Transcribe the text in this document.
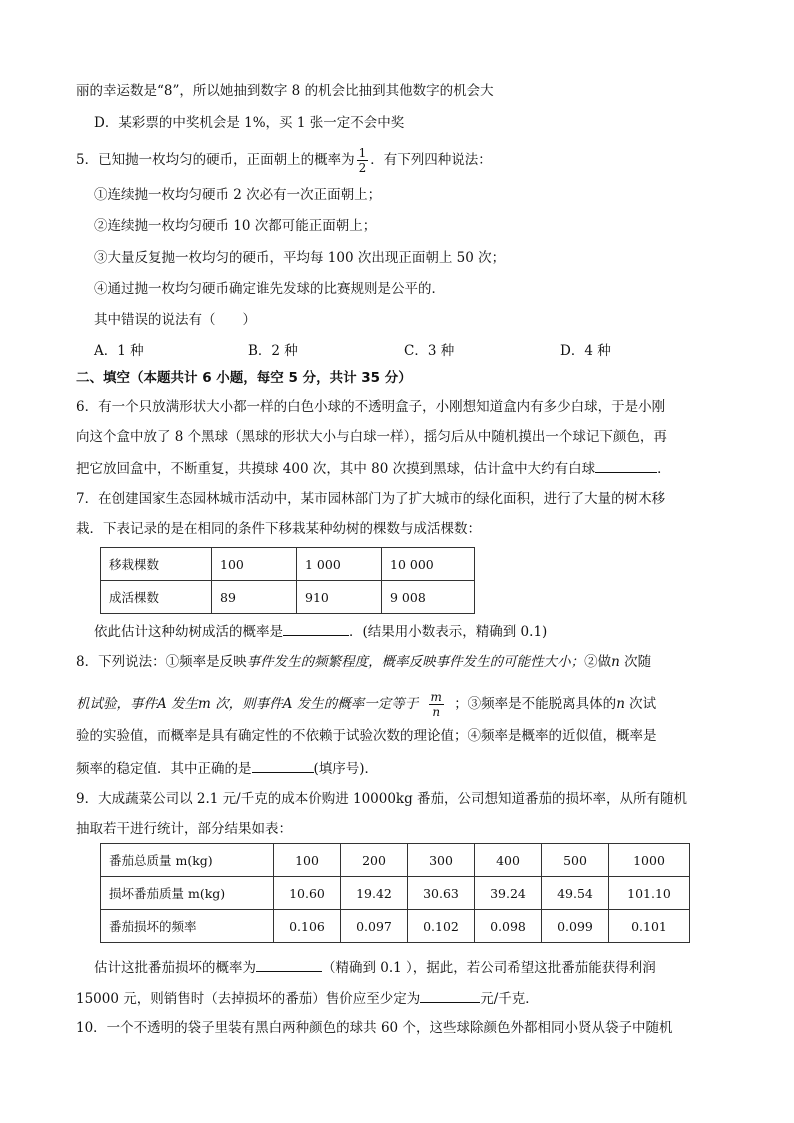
丽的幸运数是“8”，所以她抽到数字 8 的机会比抽到其他数字的机会大
D．某彩票的中奖机会是 1%，买 1 张一定不会中奖
5．已知抛一枚均匀的硬币，正面朝上的概率为 $\frac{1}{2}$ ．有下列四种说法：
①连续抛一枚均匀硬币 2 次必有一次正面朝上；
②连续抛一枚均匀硬币 10 次都可能正面朝上；
③大量反复抛一枚均匀的硬币，平均每 100 次出现正面朝上 50 次；
④通过抛一枚均匀硬币确定谁先发球的比赛规则是公平的．
其中错误的说法有（　　）
A．1 种	B．2 种	C．3 种	D．4 种
二、填空（本题共计 6 小题，每空 5 分，共计 35 分）
6．有一个只放满形状大小都一样的白色小球的不透明盒子，小刚想知道盒内有多少白球，于是小刚
向这个盒中放了 8 个黑球（黑球的形状大小与白球一样），摇匀后从中随机摸出一个球记下颜色，再
把它放回盒中，不断重复，共摸球 400 次，其中 80 次摸到黑球，估计盒中大约有白球	．
7．在创建国家生态园林城市活动中，某市园林部门为了扩大城市的绿化面积，进行了大量的树木移
栽．下表记录的是在相同的条件下移栽某种幼树的棵数与成活棵数：
移栽棵数	100	1 000	10 000
成活棵数	89	910	9 008
依此估计这种幼树成活的概率是	．(结果用小数表示，精确到 0.1)
8．下列说法：①频率是反映事件发生的频繁程度，概率反映事件发生的可能性大小；②做n 次随
机试验，事件A 发生m 次，则事件A 发生的概率一定等于 $\frac{m}{n}$ ；③频率是不能脱离具体的n 次试
验的实验值，而概率是具有确定性的不依赖于试验次数的理论值；④频率是概率的近似值，概率是
频率的稳定值．其中正确的是	(填序号)．
9．大成蔬菜公司以 2.1 元/千克的成本价购进 10000kg 番茄，公司想知道番茄的损坏率，从所有随机
抽取若干进行统计，部分结果如表：
番茄总质量 m(kg)	100	200	300	400	500	1000
损坏番茄质量 m(kg)	10.60	19.42	30.63	39.24	49.54	101.10
番茄损坏的频率	0.106	0.097	0.102	0.098	0.099	0.101
估计这批番茄损坏的概率为	（精确到 0.1 ），据此，若公司希望这批番茄能获得利润
15000 元，则销售时（去掉损坏的番茄）售价应至少定为	元/千克．
10．一个不透明的袋子里装有黑白两种颜色的球共 60 个，这些球除颜色外都相同小贤从袋子中随机
